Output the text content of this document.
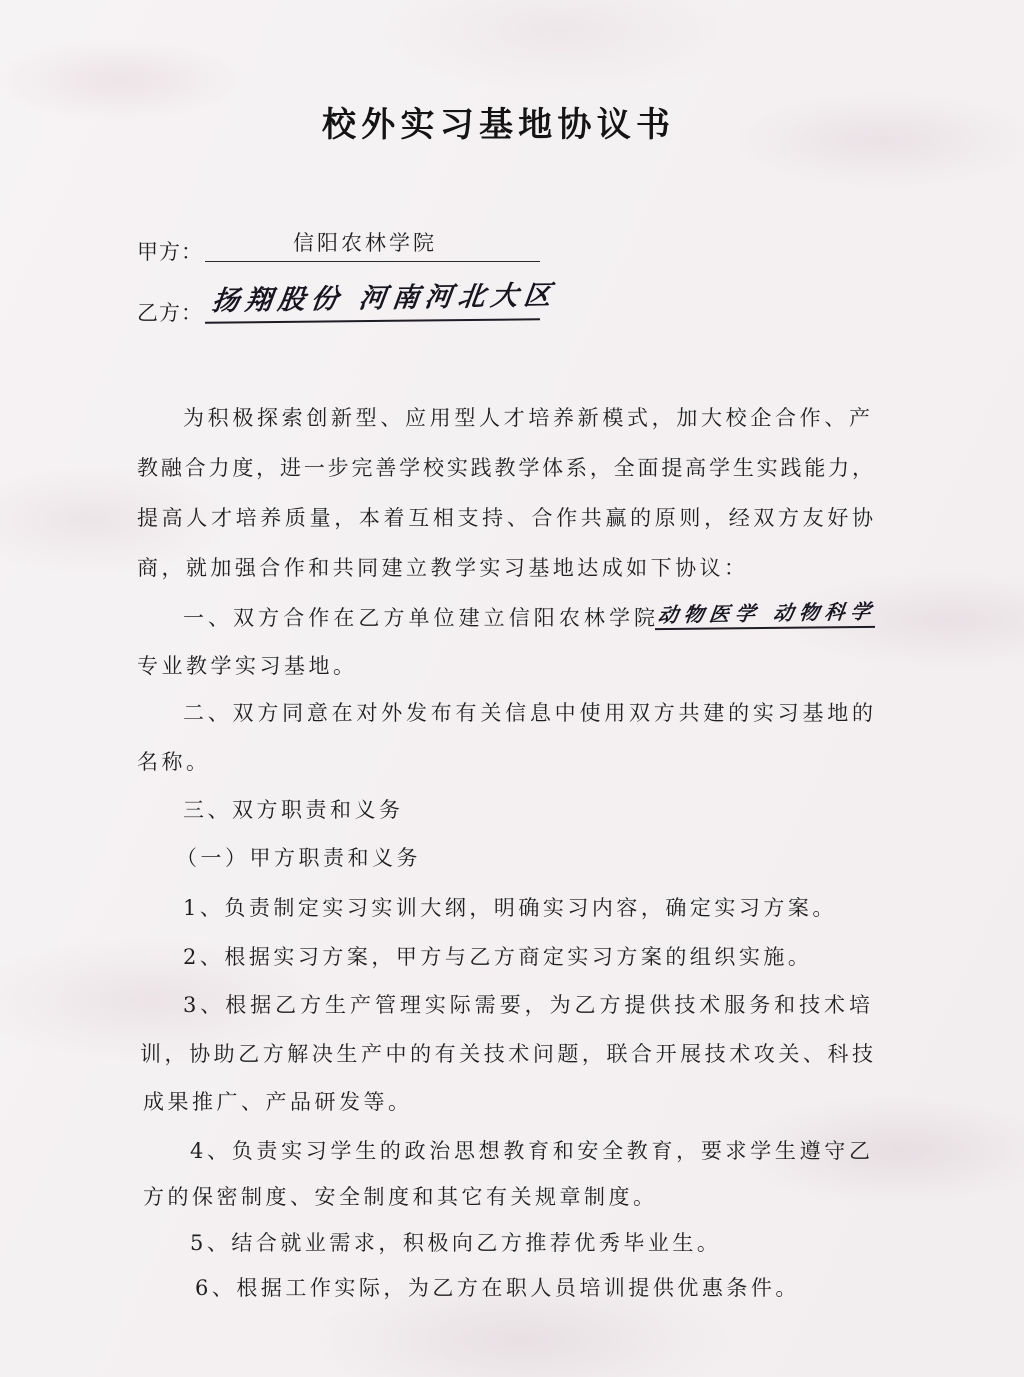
校外实习基地协议书
甲方：	信阳农林学院
乙方： 扬翔股份 河南河北大区
为积极探索创新型、应用型人才培养新模式，加大校企合作、产
教融合力度，进一步完善学校实践教学体系，全面提高学生实践能力，
提高人才培养质量，本着互相支持、合作共赢的原则，经双方友好协
商，就加强合作和共同建立教学实习基地达成如下协议：
一、双方合作在乙方单位建立信阳农林学院 动物医学 动物科学
专业教学实习基地。
二、双方同意在对外发布有关信息中使用双方共建的实习基地的
名称。
三、双方职责和义务
（一）甲方职责和义务
1、负责制定实习实训大纲，明确实习内容，确定实习方案。
2、根据实习方案，甲方与乙方商定实习方案的组织实施。
3、根据乙方生产管理实际需要，为乙方提供技术服务和技术培
训，协助乙方解决生产中的有关技术问题，联合开展技术攻关、科技
成果推广、产品研发等。
4、负责实习学生的政治思想教育和安全教育，要求学生遵守乙
方的保密制度、安全制度和其它有关规章制度。
5、结合就业需求，积极向乙方推荐优秀毕业生。
6、根据工作实际，为乙方在职人员培训提供优惠条件。
